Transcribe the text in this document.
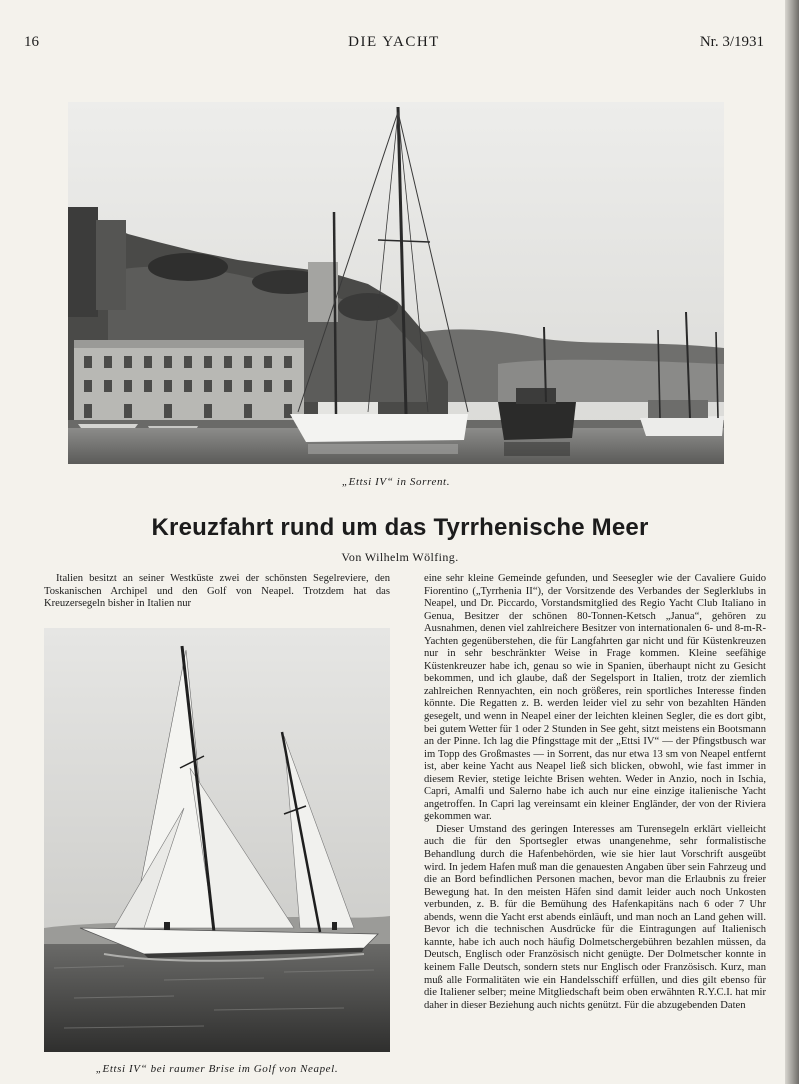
16	DIE YACHT	Nr. 3/1931
„Ettsi IV“ in Sorrent.
Kreuzfahrt rund um das Tyrrhenische Meer
Von Wilhelm Wölfing.

Italien besitzt an seiner Westküste zwei der schönsten Segelreviere, den Toskanischen Archipel und den Golf von Neapel. Trotzdem hat das Kreuzersegeln bisher in Italien nur

„Ettsi IV“ bei raumer Brise im Golf von Neapel.

eine sehr kleine Gemeinde gefunden, und Seesegler wie der Cavaliere Guido Fiorentino („Tyrrhenia II“), der Vorsitzende des Verbandes der Seglerklubs in Neapel, und Dr. Piccardo, Vorstandsmitglied des Regio Yacht Club Italiano in Genua, Besitzer der schönen 80-Tonnen-Ketsch „Janua“, gehören zu Ausnahmen, denen viel zahlreichere Besitzer von internationalen 6- und 8-m-R-Yachten gegenüberstehen, die für Langfahrten gar nicht und für Küstenkreuzen nur in sehr beschränkter Weise in Frage kommen. Kleine seefähige Küstenkreuzer habe ich, genau so wie in Spanien, überhaupt nicht zu Gesicht bekommen, und ich glaube, daß der Segelsport in Italien, trotz der ziemlich zahlreichen Rennyachten, ein noch größeres, rein sportliches Interesse finden könnte. Die Regatten z. B. werden leider viel zu sehr von bezahlten Händen gesegelt, und wenn in Neapel einer der leichten kleinen Segler, die es dort gibt, bei gutem Wetter für 1 oder 2 Stunden in See geht, sitzt meistens ein Bootsmann an der Pinne. Ich lag die Pfingsttage mit der „Ettsi IV“ — der Pfingstbusch war im Topp des Großmastes — in Sorrent, das nur etwa 13 sm von Neapel entfernt ist, aber keine Yacht aus Neapel ließ sich blicken, obwohl, wie fast immer in diesem Revier, stetige leichte Brisen wehten. Weder in Anzio, noch in Ischia, Capri, Amalfi und Salerno habe ich auch nur eine einzige italienische Yacht angetroffen. In Capri lag vereinsamt ein kleiner Engländer, der von der Riviera gekommen war.

Dieser Umstand des geringen Interesses am Turensegeln erklärt vielleicht auch die für den Sportsegler etwas unangenehme, sehr formalistische Behandlung durch die Hafenbehörden, wie sie hier laut Vorschrift ausgeübt wird. In jedem Hafen muß man die genauesten Angaben über sein Fahrzeug und die an Bord befindlichen Personen machen, bevor man die Erlaubnis zu freier Bewegung hat. In den meisten Häfen sind damit leider auch noch Unkosten verbunden, z. B. für die Bemühung des Hafenkapitäns nach 6 oder 7 Uhr abends, wenn die Yacht erst abends einläuft, und man noch an Land gehen will. Bevor ich die technischen Ausdrücke für die Eintragungen auf Italienisch kannte, habe ich auch noch häufig Dolmetschergebühren bezahlen müssen, da Deutsch, Englisch oder Französisch nicht genügte. Der Dolmetscher konnte in keinem Falle Deutsch, sondern stets nur Englisch oder Französisch. Kurz, man muß alle Formalitäten wie ein Handelsschiff erfüllen, und dies gilt ebenso für die Italiener selber; meine Mitgliedschaft beim oben erwähnten R.Y.C.I. hat mir daher in dieser Beziehung auch nichts genützt. Für die abzugebenden Daten
